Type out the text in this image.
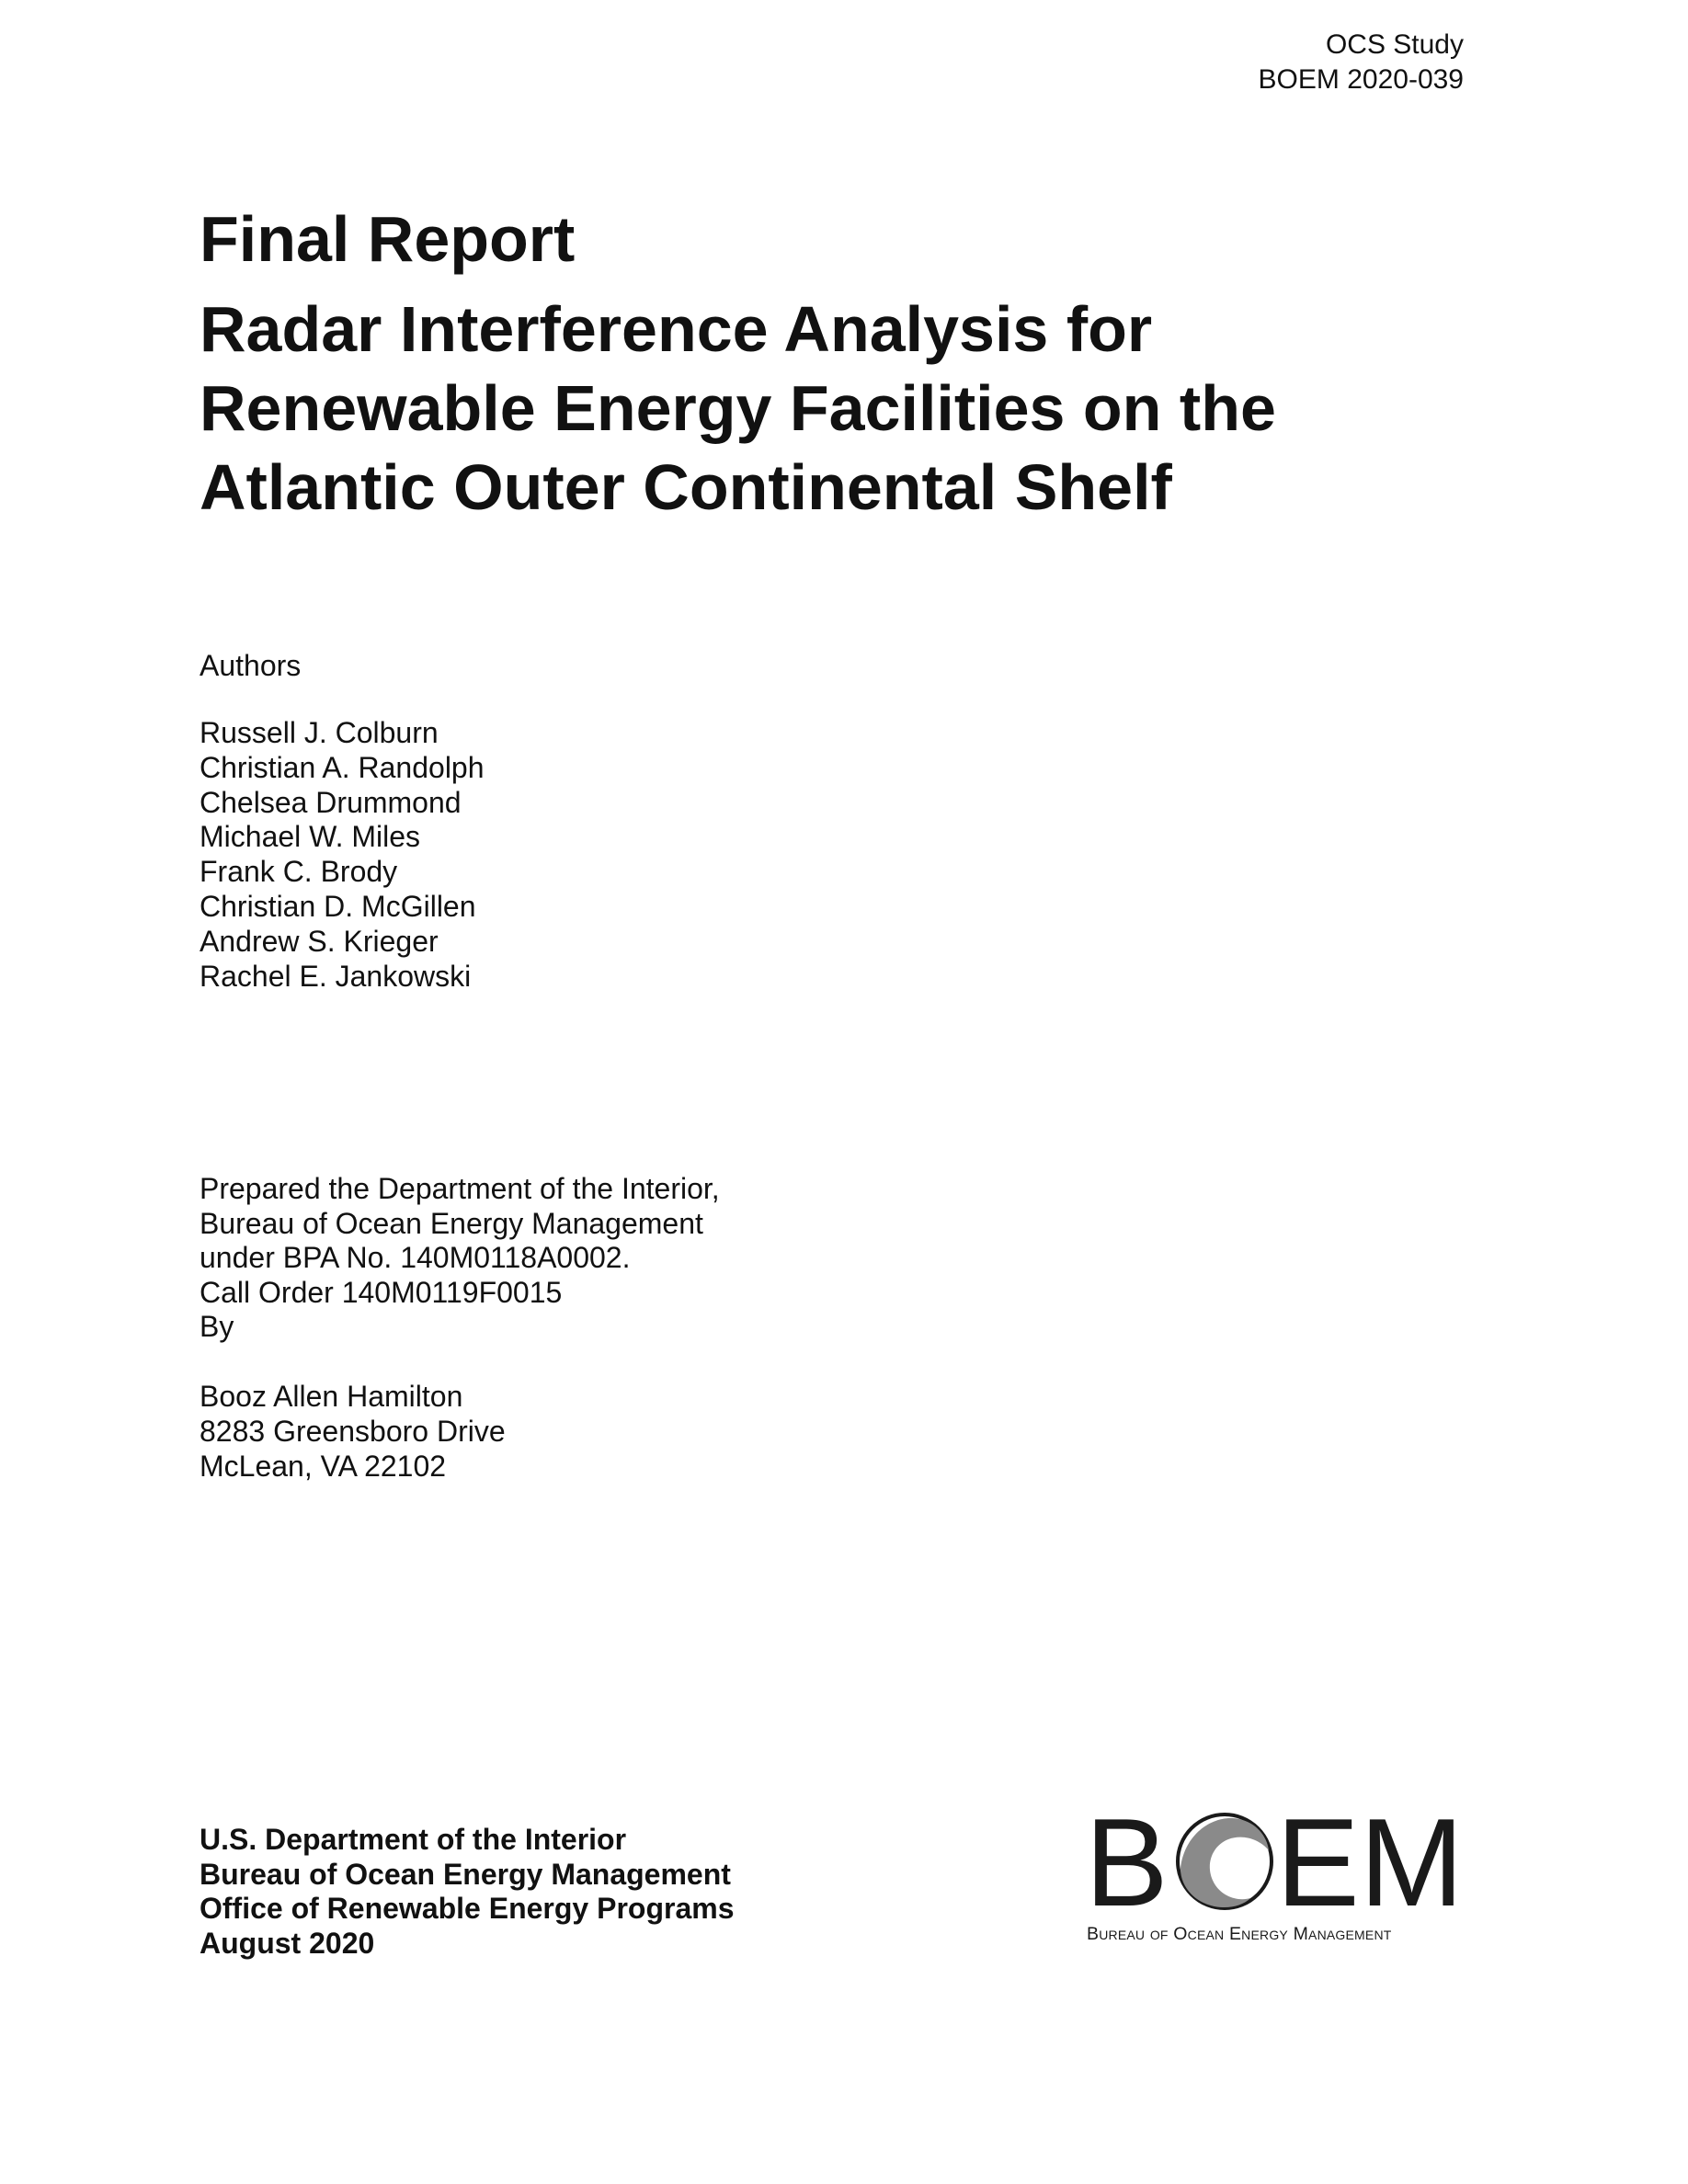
OCS Study
BOEM 2020-039
Final Report
Radar Interference Analysis for
Renewable Energy Facilities on the
Atlantic Outer Continental Shelf
Authors
Russell J. Colburn
Christian A. Randolph
Chelsea Drummond
Michael W. Miles
Frank C. Brody
Christian D. McGillen
Andrew S. Krieger
Rachel E. Jankowski
Prepared the Department of the Interior,
Bureau of Ocean Energy Management
under BPA No. 140M0118A0002.
Call Order 140M0119F0015
By
Booz Allen Hamilton
8283 Greensboro Drive
McLean, VA 22102
U.S. Department of the Interior
Bureau of Ocean Energy Management
Office of Renewable Energy Programs
August 2020
B EM
Bureau of Ocean Energy Management
